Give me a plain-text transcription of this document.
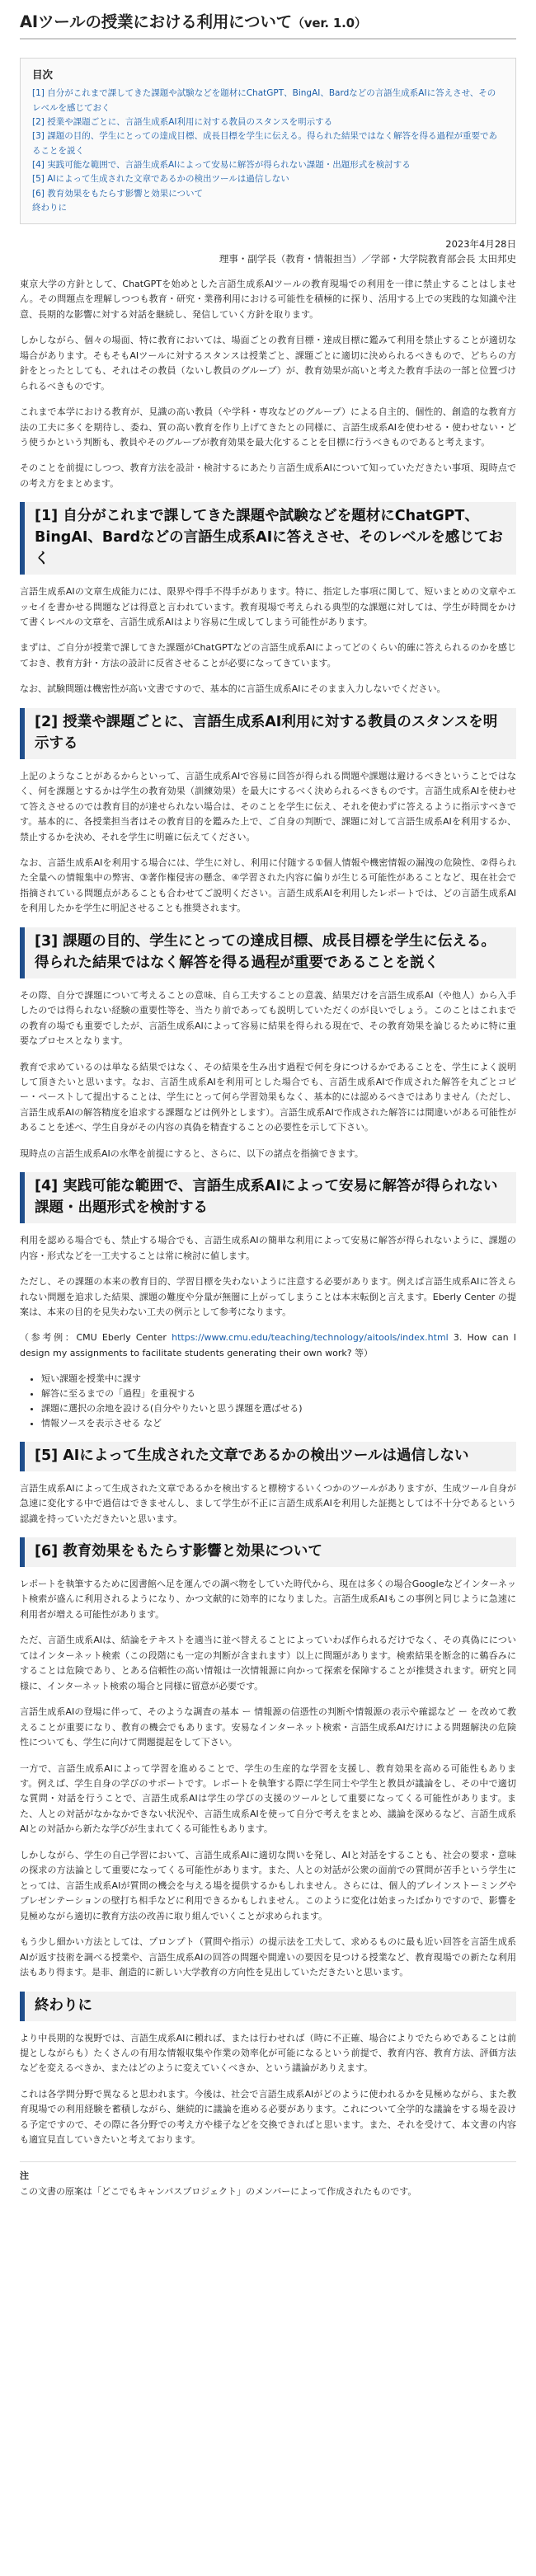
AIツールの授業における利用について（ver. 1.0）
目次
[1] 自分がこれまで課してきた課題や試験などを題材にChatGPT、BingAI、Bardなどの言語生成系AIに答えさせ、そのレベルを感じておく
[2] 授業や課題ごとに、言語生成系AI利用に対する教員のスタンスを明示する
[3] 課題の目的、学生にとっての達成目標、成長目標を学生に伝える。得られた結果ではなく解答を得る過程が重要であることを説く
[4] 実践可能な範囲で、言語生成系AIによって安易に解答が得られない課題・出題形式を検討する
[5] AIによって生成された文章であるかの検出ツールは過信しない
[6] 教育効果をもたらす影響と効果について
終わりに
2023年4月28日
理事・副学長（教育・情報担当）／学部・大学院教育部会長 太田邦史

東京大学の方針として、ChatGPTを始めとした言語生成系AIツールの教育現場での利用を一律に禁止することはしません。その問題点を理解しつつも教育・研究・業務利用における可能性を積極的に探り、活用する上での実践的な知識や注意、長期的な影響に対する対話を継続し、発信していく方針を取ります。

しかしながら、個々の場面、特に教育においては、場面ごとの教育目標・達成目標に鑑みて利用を禁止することが適切な場合があります。そもそもAIツールに対するスタンスは授業ごと、課題ごとに適切に決められるべきもので、どちらの方針をとったとしても、それはその教員（ないし教員のグループ）が、教育効果が高いと考えた教育手法の一部と位置づけられるべきものです。

これまで本学における教育が、見識の高い教員（や学科・専攻などのグループ）による自主的、個性的、創造的な教育方法の工夫に多くを期待し、委ね、質の高い教育を作り上げてきたとの同様に、言語生成系AIを使わせる・使わせない・どう使うかという判断も、教員やそのグループが教育効果を最大化することを目標に行うべきものであると考えます。

そのことを前提にしつつ、教育方法を設計・検討するにあたり言語生成系AIについて知っていただきたい事項、現時点での考え方をまとめます。

[1] 自分がこれまで課してきた課題や試験などを題材にChatGPT、BingAI、Bardなどの言語生成系AIに答えさせ、そのレベルを感じておく

言語生成系AIの文章生成能力には、限界や得手不得手があります。特に、指定した事項に関して、短いまとめの文章やエッセイを書かせる問題などは得意と言われています。教育現場で考えられる典型的な課題に対しては、学生が時間をかけて書くレベルの文章を、言語生成系AIはより容易に生成してしまう可能性があります。

まずは、ご自分が授業で課してきた課題がChatGPTなどの言語生成系AIによってどのくらい的確に答えられるのかを感じておき、教育方針・方法の設計に反省させることが必要になってきています。

なお、試験問題は機密性が高い文書ですので、基本的に言語生成系AIにそのまま入力しないでください。

[2] 授業や課題ごとに、言語生成系AI利用に対する教員のスタンスを明示する

上記のようなことがあるからといって、言語生成系AIで容易に回答が得られる問題や課題は避けるべきということではなく、何を課題とするかは学生の教育効果（訓練効果）を最大にするべく決められるべきものです。言語生成系AIを使わせて答えさせるのでは教育目的が達せられない場合は、そのことを学生に伝え、それを使わずに答えるように指示すべきです。基本的に、各授業担当者はその教育目的を鑑みた上で、ご自身の判断で、課題に対して言語生成系AIを利用するか、禁止するかを決め、それを学生に明確に伝えてください。

なお、言語生成系AIを利用する場合には、学生に対し、利用に付随する①個人情報や機密情報の漏洩の危険性、②得られた全量への情報集中の弊害、③著作権侵害の懸念、④学習された内容に偏りが生じる可能性があることなど、現在社会で指摘されている問題点があることも合わせてご説明ください。言語生成系AIを利用したレポートでは、どの言語生成系AIを利用したかを学生に明記させることも推奨されます。

[3] 課題の目的、学生にとっての達成目標、成長目標を学生に伝える。得られた結果ではなく解答を得る過程が重要であることを説く

その際、自分で課題について考えることの意味、自ら工夫することの意義、結果だけを言語生成系AI（や他人）から入手したのでは得られない経験の重要性等を、当たり前であっても説明していただくのが良いでしょう。このことはこれまでの教育の場でも重要でしたが、言語生成系AIによって容易に結果を得られる現在で、その教育効果を論じるために特に重要なプロセスとなります。

教育で求めているのは単なる結果ではなく、その結果を生み出す過程で何を身につけるかであることを、学生によく説明して頂きたいと思います。なお、言語生成系AIを利用可とした場合でも、言語生成系AIで作成された解答を丸ごとコピー・ペーストして提出することは、学生にとって何ら学習効果もなく、基本的には認めるべきではありません（ただし、言語生成系AIの解答精度を追求する課題などは例外とします）。言語生成系AIで作成された解答には間違いがある可能性があることを述べ、学生自身がその内容の真偽を精査することの必要性を示して下さい。

現時点の言語生成系AIの水準を前提にすると、さらに、以下の諸点を指摘できます。

[4] 実践可能な範囲で、言語生成系AIによって安易に解答が得られない課題・出題形式を検討する

利用を認める場合でも、禁止する場合でも、言語生成系AIの簡単な利用によって安易に解答が得られないように、課題の内容・形式などを一工夫することは常に検討に値します。

ただし、その課題の本来の教育目的、学習目標を失わないように注意する必要があります。例えば言語生成系AIに答えられない問題を追求した結果、課題の難度や分量が無闇に上がってしまうことは本末転倒と言えます。Eberly Center の提案は、本来の目的を見失わない工夫の例示として参考になります。

（参考例：CMU Eberly Center https://www.cmu.edu/teaching/technology/aitools/index.html 3. How can I design my assignments to facilitate students generating their own work? 等）

• 短い課題を授業中に課す
• 解答に至るまでの「過程」を重視する
• 課題に選択の余地を設ける(自分やりたいと思う課題を選ばせる)
• 情報ソースを表示させる など
[5] AIによって生成された文章であるかの検出ツールは過信しない

言語生成系AIによって生成された文章であるかを検出すると標榜するいくつかのツールがありますが、生成ツール自身が急速に変化する中で過信はできませんし、まして学生が不正に言語生成系AIを利用した証拠としては不十分であるという認識を持っていただきたいと思います。

[6] 教育効果をもたらす影響と効果について

レポートを執筆するために図書館へ足を運んでの調べ物をしていた時代から、現在は多くの場合Googleなどインターネット検索が盛んに利用されるようになり、かつ文献的に効率的になりました。言語生成系AIもこの事例と同じように急速に利用者が増える可能性があります。

ただ、言語生成系AIは、結論をテキストを適当に並べ替えることによっていわば作られるだけでなく、その真偽にについてはインターネット検索（この段階にも一定の判断が含まれます）以上に問題があります。検索結果を断念的に鵜呑みにすることは危険であり、とある信頼性の高い情報は一次情報源に向かって探索を保障することが推奨されます。研究と同様に、インターネット検索の場合と同様に留意が必要です。

言語生成系AIの登場に伴って、そのような調査の基本 ー 情報源の信憑性の判断や情報源の表示や確認など ー を改めて教えることが重要になり、教育の機会でもあります。安易なインターネット検索・言語生成系AIだけによる問題解決の危険性についても、学生に向けて問題提起をして下さい。

一方で、言語生成系AIによって学習を進めることで、学生の生産的な学習を支援し、教育効果を高める可能性もあります。例えば、学生自身の学びのサポートです。レポートを執筆する際に学生同士や学生と教員が議論をし、その中で適切な質問・対話を行うことで、言語生成系AIは学生の学びの支援のツールとして重要になってくる可能性があります。また、人との対話がなかなかできない状況や、言語生成系AIを使って自分で考えをまとめ、議論を深めるなど、言語生成系AIとの対話から新たな学びが生まれてくる可能性もあります。

しかしながら、学生の自己学習において、言語生成系AIに適切な問いを発し、AIと対話をすることも、社会の要求・意味の探求の方法論として重要になってくる可能性があります。また、人との対話が公衆の面前での質問が苦手という学生にとっては、言語生成系AIが質問の機会を与える場を提供するかもしれません。さらには、個人的ブレインストーミングやプレゼンテーションの壁打ち相手などに利用できるかもしれません。このように変化は始まったばかりですので、影響を見極めながら適切に教育方法の改善に取り組んでいくことが求められます。

もう少し細かい方法としては、プロンプト（質問や指示）の提示法を工夫して、求めるものに最も近い回答を言語生成系AIが返す技術を調べる授業や、言語生成系AIの回答の問題や間違いの要因を見つける授業など、教育現場での新たな利用法もあり得ます。是非、創造的に新しい大学教育の方向性を見出していただきたいと思います。

終わりに

より中長期的な視野では、言語生成系AIに頼れば、または行わせれば（時に不正確、場合によりでたらめであることは前提としながらも）たくさんの有用な情報収集や作業の効率化が可能になるという前提で、教育内容、教育方法、評価方法などを変えるべきか、またはどのように変えていくべきか、という議論がありえます。

これは各学問分野で異なると思われます。今後は、社会で言語生成系AIがどのように使われるかを見極めながら、また教育現場での利用経験を蓄積しながら、継続的に議論を進める必要があります。これについて全学的な議論をする場を設ける予定ですので、その際に各分野での考え方や様子などを交換できればと思います。また、それを受けて、本文書の内容も適宜見直していきたいと考えております。

注

この文書の原案は「どこでもキャンパスプロジェクト」のメンバーによって作成されたものです。
